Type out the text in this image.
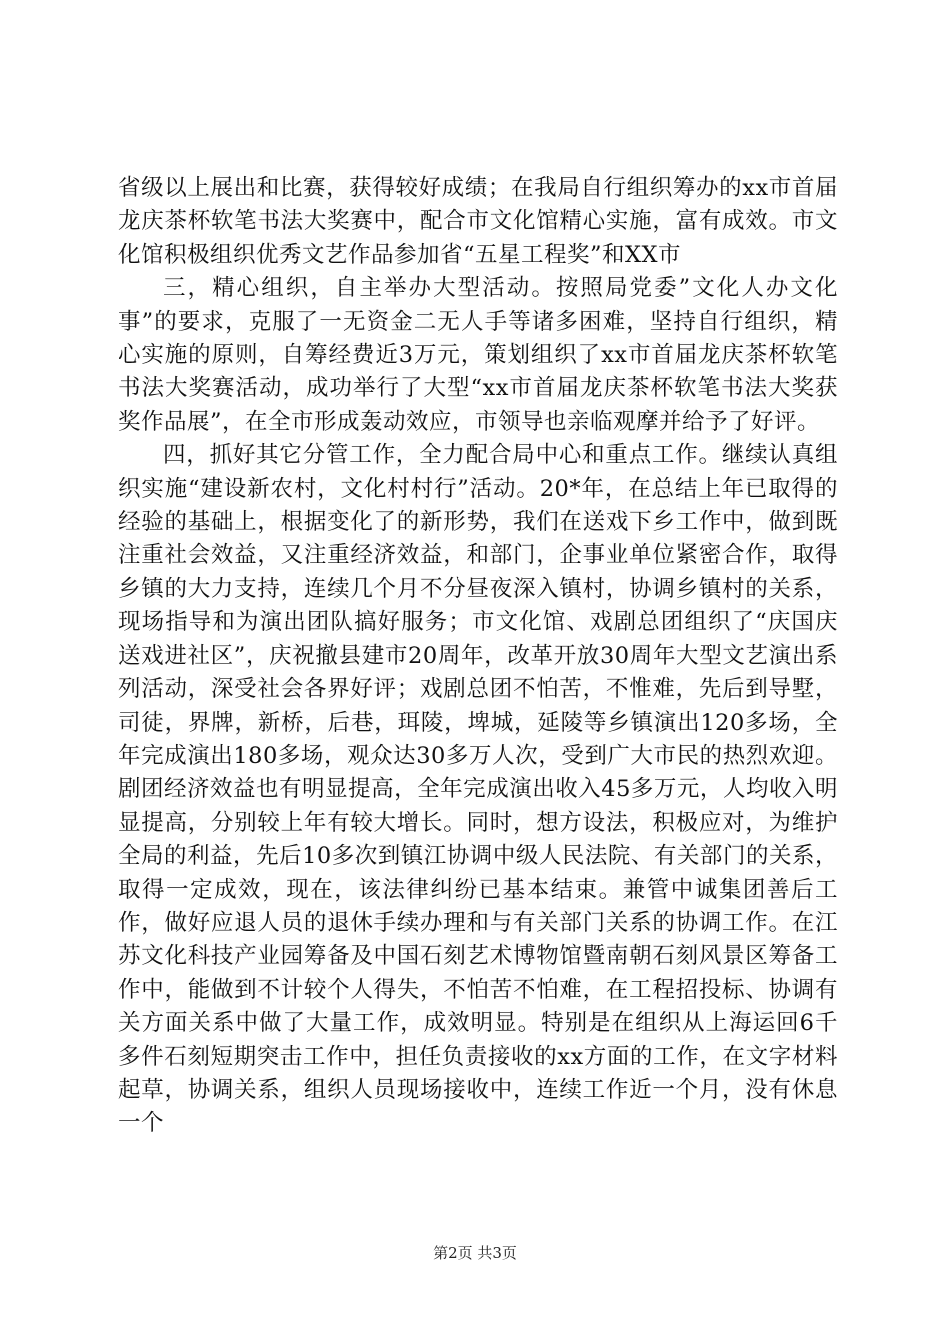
省级以上展出和比赛，获得较好成绩；在我局自行组织筹办的xx市首届龙庆茶杯软笔书法大奖赛中，配合市文化馆精心实施，富有成效。市文化馆积极组织优秀文艺作品参加省“五星工程奖”和XX市

三，精心组织，自主举办大型活动。按照局党委”文化人办文化事”的要求，克服了一无资金二无人手等诸多困难，坚持自行组织，精心实施的原则，自筹经费近3万元，策划组织了xx市首届龙庆茶杯软笔书法大奖赛活动，成功举行了大型“xx市首届龙庆茶杯软笔书法大奖获奖作品展”，在全市形成轰动效应，市领导也亲临观摩并给予了好评。

四，抓好其它分管工作，全力配合局中心和重点工作。继续认真组织实施“建设新农村，文化村村行”活动。20*年，在总结上年已取得的经验的基础上，根据变化了的新形势，我们在送戏下乡工作中，做到既注重社会效益，又注重经济效益，和部门，企事业单位紧密合作，取得乡镇的大力支持，连续几个月不分昼夜深入镇村，协调乡镇村的关系，现场指导和为演出团队搞好服务；市文化馆、戏剧总团组织了“庆国庆送戏进社区”，庆祝撤县建市20周年，改革开放30周年大型文艺演出系列活动，深受社会各界好评；戏剧总团不怕苦，不惟难，先后到导墅，司徒，界牌，新桥，后巷，珥陵，埤城，延陵等乡镇演出120多场，全年完成演出180多场，观众达30多万人次，受到广大市民的热烈欢迎。剧团经济效益也有明显提高，全年完成演出收入45多万元，人均收入明显提高，分别较上年有较大增长。同时，想方设法，积极应对，为维护全局的利益，先后10多次到镇江协调中级人民法院、有关部门的关系，取得一定成效，现在，该法律纠纷已基本结束。兼管中诚集团善后工作，做好应退人员的退休手续办理和与有关部门关系的协调工作。在江苏文化科技产业园筹备及中国石刻艺术博物馆暨南朝石刻风景区筹备工作中，能做到不计较个人得失，不怕苦不怕难，在工程招投标、协调有关方面关系中做了大量工作，成效明显。特别是在组织从上海运回6千多件石刻短期突击工作中，担任负责接收的xx方面的工作，在文字材料起草，协调关系，组织人员现场接收中，连续工作近一个月，没有休息一个

第2页 共3页
